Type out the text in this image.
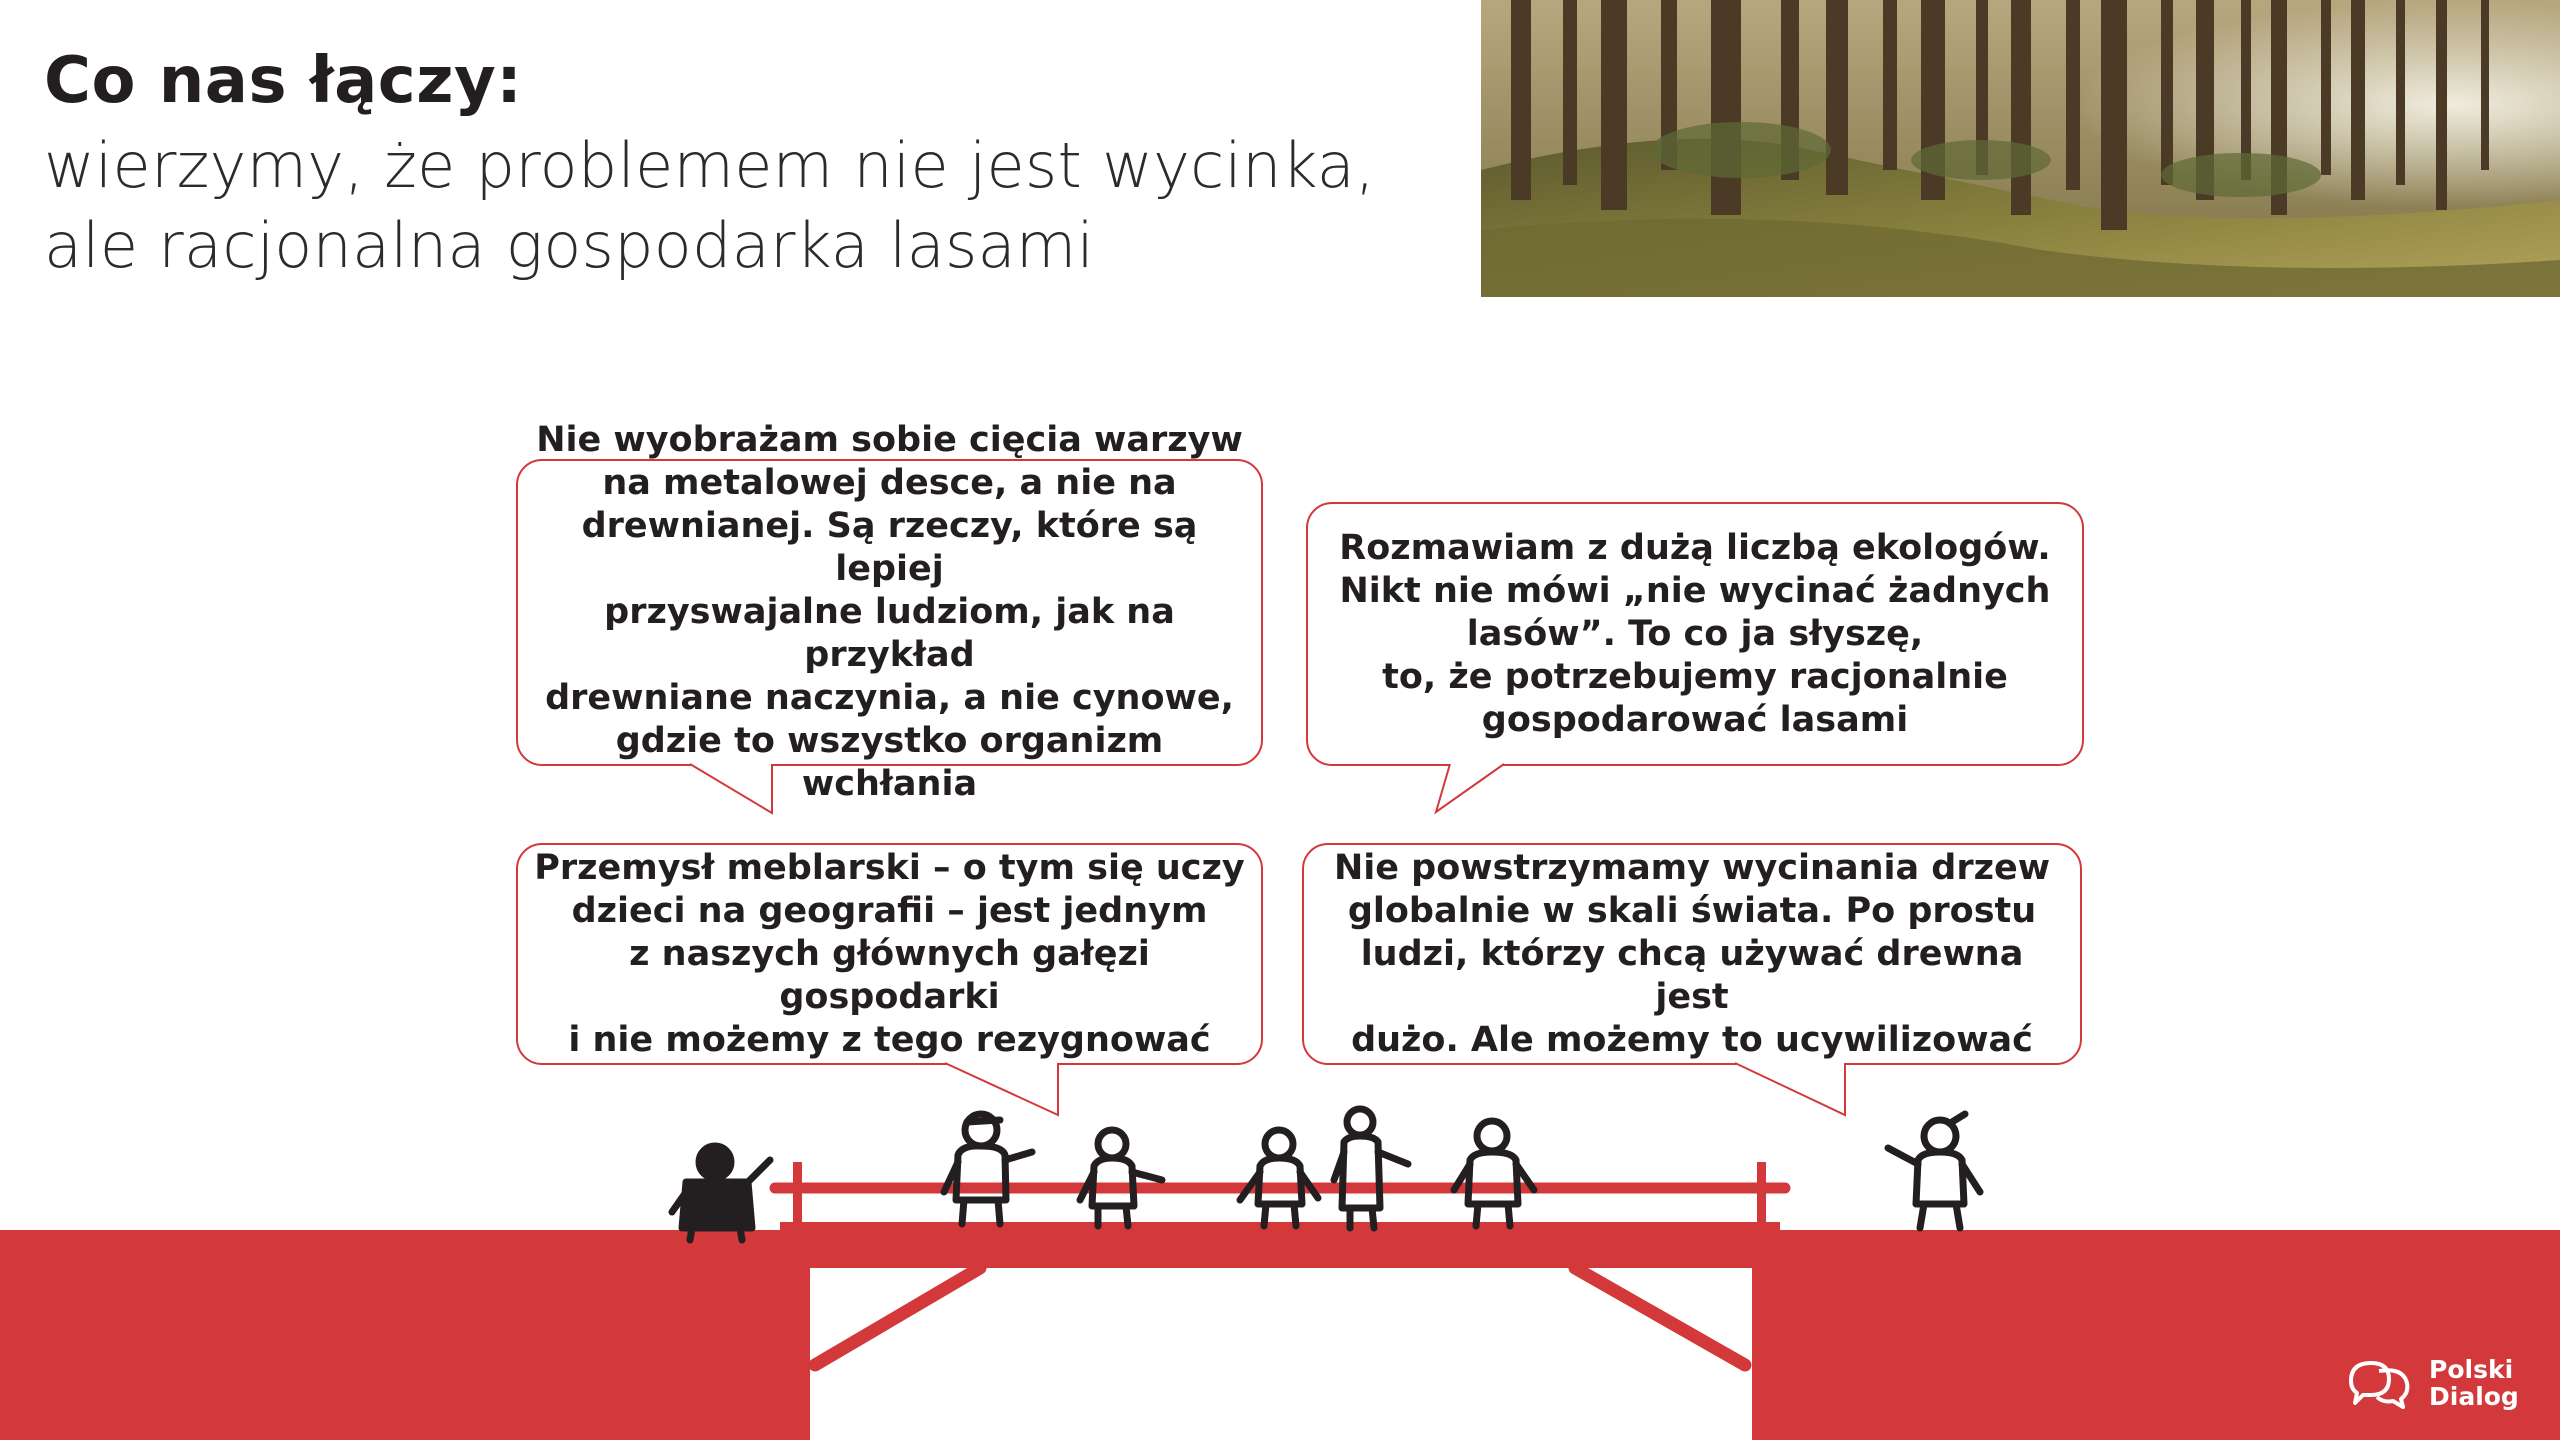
Co nas łączy:
wierzymy, że problemem nie jest wycinka,
ale racjonalna gospodarka lasami
Nie wyobrażam sobie cięcia warzyw
na metalowej desce, a nie na
drewnianej. Są rzeczy, które są lepiej
przyswajalne ludziom, jak na przykład
drewniane naczynia, a nie cynowe,
gdzie to wszystko organizm wchłania
Rozmawiam z dużą liczbą ekologów.
Nikt nie mówi „nie wycinać żadnych
lasów”. To co ja słyszę,
to, że potrzebujemy racjonalnie
gospodarować lasami
Przemysł meblarski – o tym się uczy
dzieci na geografii – jest jednym
z naszych głównych gałęzi gospodarki
i nie możemy z tego rezygnować
Nie powstrzymamy wycinania drzew
globalnie w skali świata. Po prostu
ludzi, którzy chcą używać drewna jest
dużo. Ale możemy to ucywilizować
Polski
Dialog
